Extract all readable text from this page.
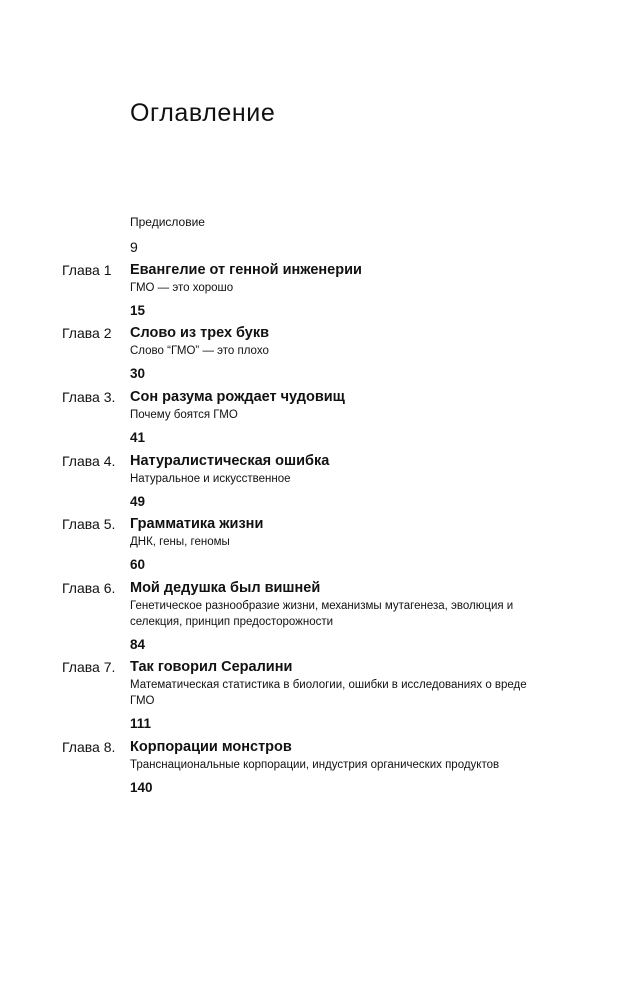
Оглавление
Предисловие
9
Глава 1 Евангелие от генной инженерии
ГМО — это хорошо
15
Глава 2 Слово из трех букв
Слово “ГМО” — это плохо
30
Глава 3. Сон разума рождает чудовищ
Почему боятся ГМО
41
Глава 4. Натуралистическая ошибка
Натуральное и искусственное
49
Глава 5. Грамматика жизни
ДНК, гены, геномы
60
Глава 6. Мой дедушка был вишней
Генетическое разнообразие жизни, механизмы мутагенеза, эволюция и селекция, принцип предосторожности
84
Глава 7. Так говорил Сералини
Математическая статистика в биологии, ошибки в исследованиях о вреде ГМО
111
Глава 8. Корпорации монстров
Транснациональные корпорации, индустрия органических продуктов
140
